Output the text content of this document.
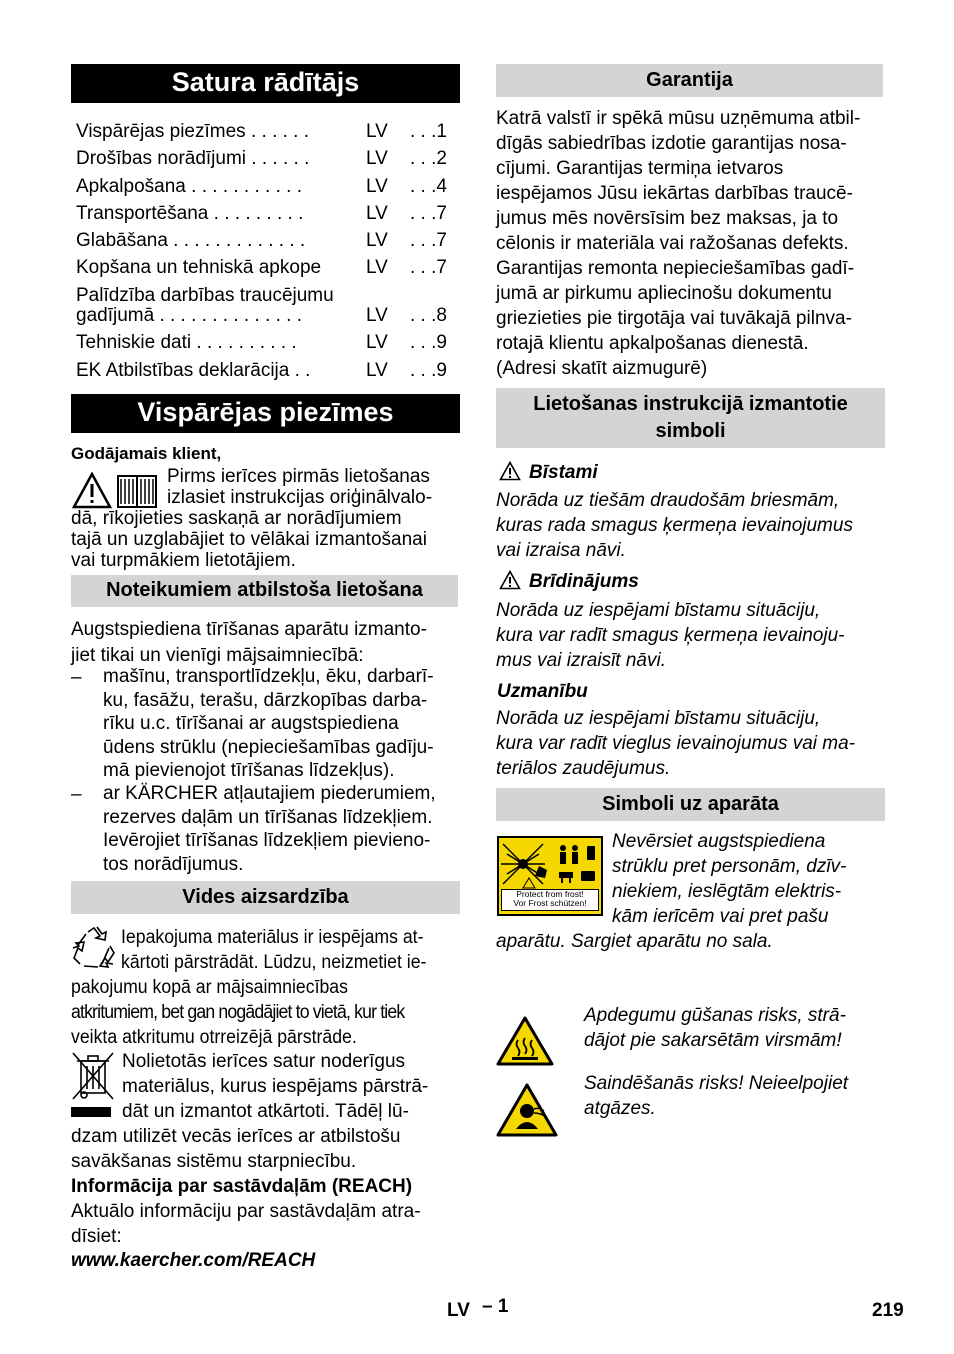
Satura rādītājs
Vispārējas piezīmes . . . . . .	LV . . .1
Drošības norādījumi . . . . . .	LV . . .2
Apkalpošana . . . . . . . . . . .	LV . . .4
Transportēšana . . . . . . . . .	LV . . .7
Glabāšana . . . . . . . . . . . . .	LV . . .7
Kopšana un tehniskā apkope LV . . .7
Palīdzība darbības traucējumu
gadījumā . . . . . . . . . . . . . .	LV . . .8
Tehniskie dati . . . . . . . . . .	LV . . .9
EK Atbilstības deklarācija . .	LV . . .9
Vispārējas piezīmes
Godājamais klient,
Pirms ierīces pirmās lietošanas
izlasiet instrukcijas oriģinālvalo-
dā, rīkojieties saskaņā ar norādījumiem
tajā un uzglabājiet to vēlākai izmantošanai
vai turpmākiem lietotājiem.
Noteikumiem atbilstoša lietošana
Augstspiediena tīrīšanas aparātu izmanto-
jiet tikai un vienīgi mājsaimniecībā:
– mašīnu, transportlīdzekļu, ēku, darbarī-
ku, fasāžu, terašu, dārzkopības darba-
rīku u.c. tīrīšanai ar augstspiediena
ūdens strūklu (nepieciešamības gadīju-
mā pievienojot tīrīšanas līdzekļus).
– ar KÄRCHER atļautajiem piederumiem,
rezerves daļām un tīrīšanas līdzekļiem.
Ievērojiet tīrīšanas līdzekļiem pievieno-
tos norādījumus.
Vides aizsardzība
Iepakojuma materiālus ir iespējams at-
kārtoti pārstrādāt. Lūdzu, neizmetiet ie-
pakojumu kopā ar mājsaimniecības
atkritumiem, bet gan nogādājiet to vietā, kur tiek
veikta atkritumu otrreizējā pārstrāde.
Nolietotās ierīces satur noderīgus
materiālus, kurus iespējams pārstrā-
dāt un izmantot atkārtoti. Tādēļ lū-
dzam utilizēt vecās ierīces ar atbilstošu
savākšanas sistēmu starpniecību.
Informācija par sastāvdaļām (REACH)
Aktuālo informāciju par sastāvdaļām atra-
dīsiet:
www.kaercher.com/REACH
Garantija
Katrā valstī ir spēkā mūsu uzņēmuma atbil-
dīgās sabiedrības izdotie garantijas nosa-
cījumi. Garantijas termiņa ietvaros
iespējamos Jūsu iekārtas darbības traucē-
jumus mēs novērsīsim bez maksas, ja to
cēlonis ir materiāla vai ražošanas defekts.
Garantijas remonta nepieciešamības gadī-
jumā ar pirkumu apliecinošu dokumentu
griezieties pie tirgotāja vai tuvākajā pilnva-
rotajā klientu apkalpošanas dienestā.
(Adresi skatīt aizmugurē)
Lietošanas instrukcijā izmantotie
simboli
Bīstami
Norāda uz tiešām draudošām briesmām,
kuras rada smagus ķermeņa ievainojumus
vai izraisa nāvi.
Brīdinājums
Norāda uz iespējami bīstamu situāciju,
kura var radīt smagus ķermeņa ievainoju-
mus vai izraisīt nāvi.
Uzmanību
Norāda uz iespējami bīstamu situāciju,
kura var radīt vieglus ievainojumus vai ma-
teriālos zaudējumus.
Simboli uz aparāta
Protect from frost!
Vor Frost schützen!
Nevērsiet augstspiediena
strūklu pret personām, dzīv-
niekiem, ieslēgtām elektris-
kām ierīcēm vai pret pašu
aparātu. Sargiet aparātu no sala.
Apdegumu gūšanas risks, strā-
dājot pie sakarsētām virsmām!
Saindēšanās risks! Neieelpojiet
atgāzes.
LV – 1	219
